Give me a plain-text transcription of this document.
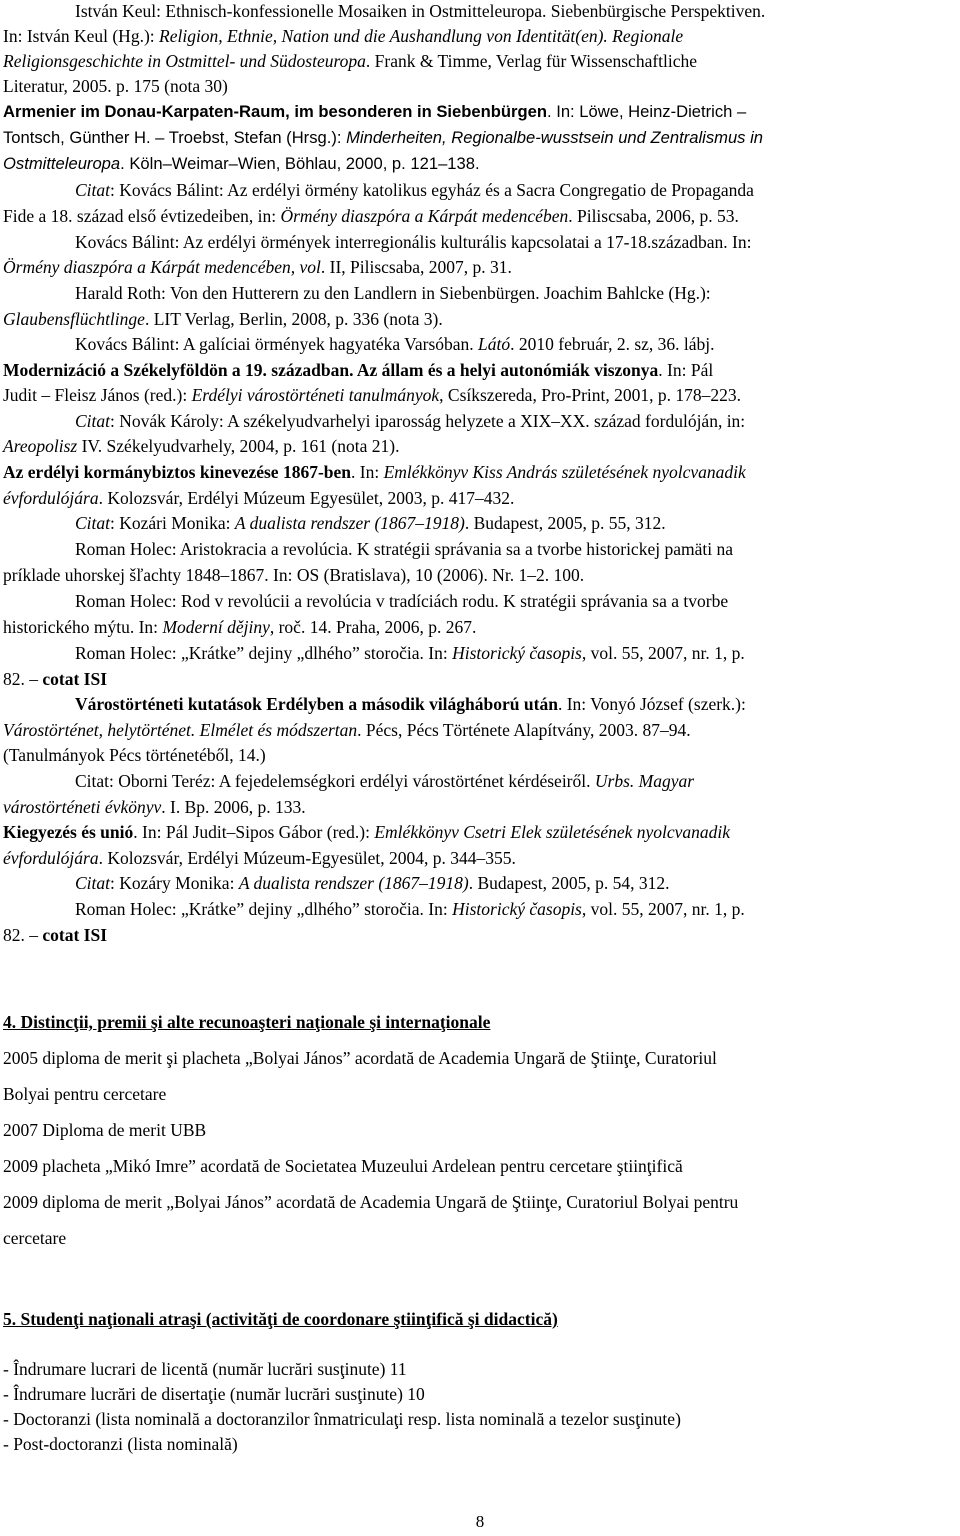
István Keul: Ethnisch-konfessionelle Mosaiken in Ostmitteleuropa. Siebenbürgische Perspektiven.
In: István Keul (Hg.): Religion, Ethnie, Nation und die Aushandlung von Identität(en). Regionale
Religionsgeschichte in Ostmittel- und Südosteuropa. Frank & Timme, Verlag für Wissenschaftliche
Literatur, 2005. p. 175 (nota 30)
Armenier im Donau-Karpaten-Raum, im besonderen in Siebenbürgen. In: Löwe, Heinz-Dietrich –
Tontsch, Günther H. – Troebst, Stefan (Hrsg.): Minderheiten, Regionalbe-wusstsein und Zentralismus in
Ostmitteleuropa. Köln–Weimar–Wien, Böhlau, 2000, p. 121–138.
Citat: Kovács Bálint: Az erdélyi örmény katolikus egyház és a Sacra Congregatio de Propaganda
Fide a 18. század első évtizedeiben, in: Örmény diaszpóra a Kárpát medencében. Piliscsaba, 2006, p. 53.
Kovács Bálint: Az erdélyi örmények interregionális kulturális kapcsolatai a 17-18.században. In:
Örmény diaszpóra a Kárpát medencében, vol. II, Piliscsaba, 2007, p. 31.
Harald Roth: Von den Hutterern zu den Landlern in Siebenbürgen. Joachim Bahlcke (Hg.):
Glaubensflüchtlinge. LIT Verlag, Berlin, 2008, p. 336 (nota 3).
Kovács Bálint: A galíciai örmények hagyatéka Varsóban. Látó. 2010 február, 2. sz, 36. lábj.
Modernizáció a Székelyföldön a 19. században. Az állam és a helyi autonómiák viszonya. In: Pál
Judit – Fleisz János (red.): Erdélyi várostörténeti tanulmányok, Csíkszereda, Pro-Print, 2001, p. 178–223.
Citat: Novák Károly: A székelyudvarhelyi iparosság helyzete a XIX–XX. század fordulóján, in:
Areopolisz IV. Székelyudvarhely, 2004, p. 161 (nota 21).
Az erdélyi kormánybiztos kinevezése 1867-ben. In: Emlékkönyv Kiss András születésének nyolcvanadik
évfordulójára. Kolozsvár, Erdélyi Múzeum Egyesület, 2003, p. 417–432.
Citat: Kozári Monika: A dualista rendszer (1867–1918). Budapest, 2005, p. 55, 312.
Roman Holec: Aristokracia a revolúcia. K stratégii správania sa a tvorbe historickej pamäti na
príklade uhorskej šľachty 1848–1867. In: OS (Bratislava), 10 (2006). Nr. 1–2. 100.
Roman Holec: Rod v revolúcii a revolúcia v tradíciách rodu. K stratégii správania sa a tvorbe
historického mýtu. In: Moderní dějiny, roč. 14. Praha, 2006, p. 267.
Roman Holec: „Krátke” dejiny „dlhého” storočia. In: Historický časopis, vol. 55, 2007, nr. 1, p.
82. – cotat ISI
Várostörténeti kutatások Erdélyben a második világháború után. In: Vonyó József (szerk.):
Várostörténet, helytörténet. Elmélet és módszertan. Pécs, Pécs Története Alapítvány, 2003. 87–94.
(Tanulmányok Pécs történetéből, 14.)
Citat: Oborni Teréz: A fejedelemségkori erdélyi várostörténet kérdéseiről. Urbs. Magyar
várostörténeti évkönyv. I. Bp. 2006, p. 133.
Kiegyezés és unió. In: Pál Judit–Sipos Gábor (red.): Emlékkönyv Csetri Elek születésének nyolcvanadik
évfordulójára. Kolozsvár, Erdélyi Múzeum-Egyesület, 2004, p. 344–355.
Citat: Kozáry Monika: A dualista rendszer (1867–1918). Budapest, 2005, p. 54, 312.
Roman Holec: „Krátke” dejiny „dlhého” storočia. In: Historický časopis, vol. 55, 2007, nr. 1, p.
82. – cotat ISI
4. Distincţii, premii şi alte recunoaşteri naţionale şi internaţionale
2005 diploma de merit şi placheta „Bolyai János” acordată de Academia Ungară de Ştiinţe, Curatoriul
Bolyai pentru cercetare
2007 Diploma de merit UBB
2009 placheta „Mikó Imre” acordată de Societatea Muzeului Ardelean pentru cercetare ştiinţifică
2009 diploma de merit „Bolyai János” acordată de Academia Ungară de Ştiinţe, Curatoriul Bolyai pentru
cercetare
5. Studenţi naţionali atraşi (activităţi de coordonare ştiinţifică şi didactică)
- Îndrumare lucrari de licentă (număr lucrări susţinute) 11
- Îndrumare lucrări de disertaţie (număr lucrări susţinute) 10
- Doctoranzi (lista nominală a doctoranzilor înmatriculaţi resp. lista nominală a tezelor susţinute)
- Post-doctoranzi (lista nominală)
8
